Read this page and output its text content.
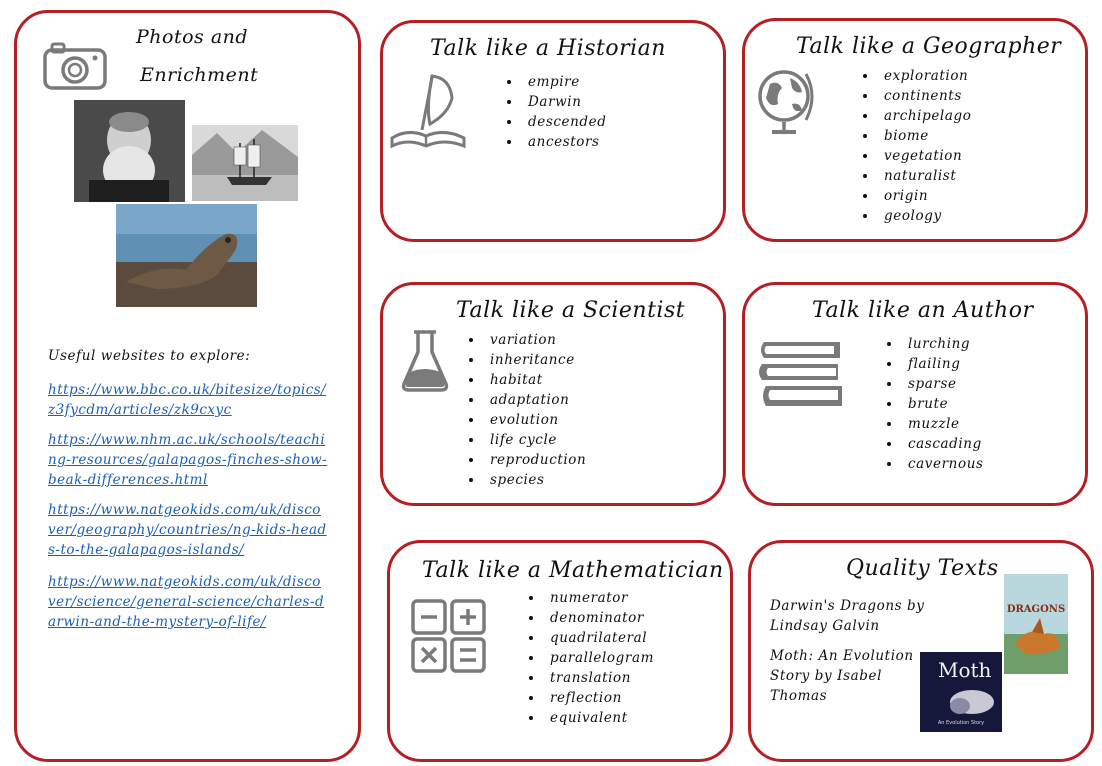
Photos and
Enrichment
Useful websites to explore:
https://www.bbc.co.uk/bitesize/topics/z3fycdm/articles/zk9cxyc
https://www.nhm.ac.uk/schools/teaching-resources/galapagos-finches-show-beak-differences.html
https://www.natgeokids.com/uk/discover/geography/countries/ng-kids-heads-to-the-galapagos-islands/
https://www.natgeokids.com/uk/discover/science/general-science/charles-darwin-and-the-mystery-of-life/
Talk like a Historian
• empire
• Darwin
• descended
• ancestors
Talk like a Geographer
• exploration
• continents
• archipelago
• biome
• vegetation
• naturalist
• origin
• geology
Talk like a Scientist
• variation
• inheritance
• habitat
• adaptation
• evolution
• life cycle
• reproduction
• species
Talk like an Author
• lurching
• flailing
• sparse
• brute
• muzzle
• cascading
• cavernous
Talk like a Mathematician
• numerator
• denominator
• quadrilateral
• parallelogram
• translation
• reflection
• equivalent
Quality Texts
Darwin's Dragons by Lindsay Galvin
Moth: An Evolution Story by Isabel Thomas
DRAGONS
Moth
An Evolution Story
